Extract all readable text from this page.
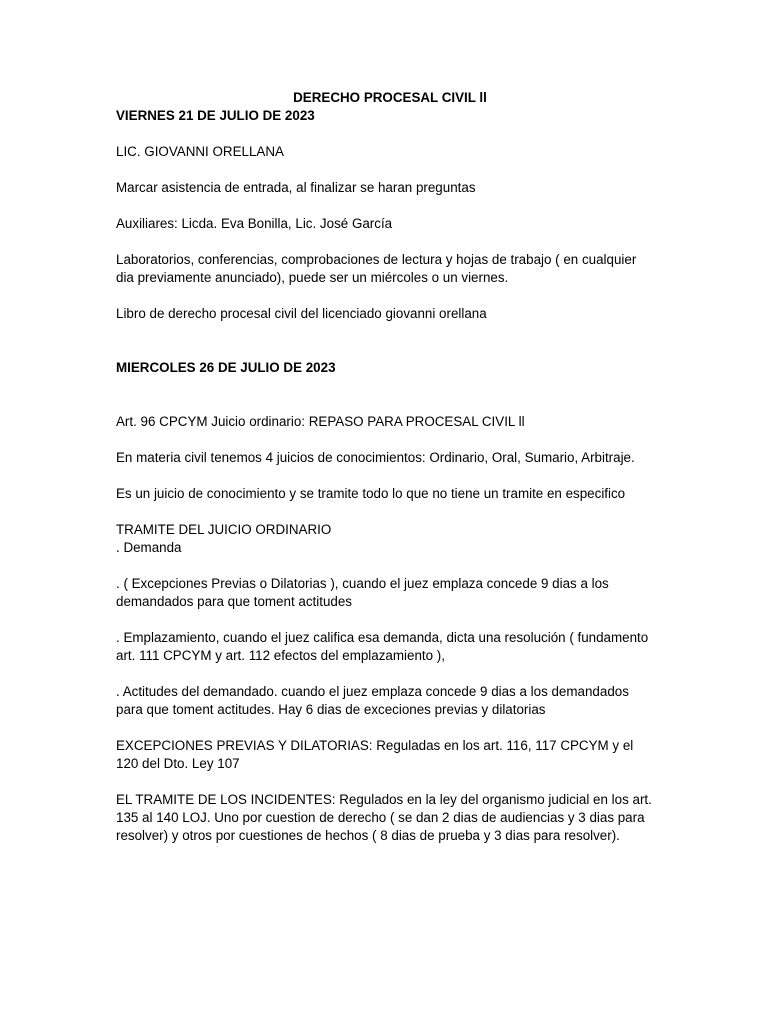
DERECHO PROCESAL CIVIL ll
VIERNES 21 DE JULIO DE 2023
LIC. GIOVANNI ORELLANA
Marcar asistencia de entrada, al finalizar se haran preguntas
Auxiliares: Licda. Eva Bonilla, Lic. José García
Laboratorios, conferencias, comprobaciones de lectura y hojas de trabajo ( en cualquier dia previamente anunciado), puede ser un miércoles o un viernes.
Libro de derecho procesal civil del licenciado giovanni orellana
MIERCOLES 26 DE JULIO DE 2023
Art. 96 CPCYM Juicio ordinario: REPASO PARA PROCESAL CIVIL ll
En materia civil tenemos 4 juicios de conocimientos: Ordinario, Oral, Sumario, Arbitraje.
Es un juicio de conocimiento y se tramite todo lo que no tiene un tramite en especifico
TRAMITE DEL JUICIO ORDINARIO
. Demanda
. ( Excepciones Previas o Dilatorias ), cuando el juez emplaza concede 9 dias a los demandados para que toment actitudes
. Emplazamiento, cuando el juez califica esa demanda, dicta una resolución ( fundamento art. 111 CPCYM y art. 112 efectos del emplazamiento ),
. Actitudes del demandado. cuando el juez emplaza concede 9 dias a los demandados para que toment actitudes. Hay 6 dias de exceciones previas y dilatorias
EXCEPCIONES PREVIAS Y DILATORIAS: Reguladas en los art. 116, 117 CPCYM y el 120 del Dto. Ley 107
EL TRAMITE DE LOS INCIDENTES: Regulados en la ley del organismo judicial en los art. 135 al 140 LOJ. Uno por cuestion de derecho ( se dan 2 dias de audiencias y 3 dias para resolver) y otros por cuestiones de hechos ( 8 dias de prueba y 3 dias para resolver).
